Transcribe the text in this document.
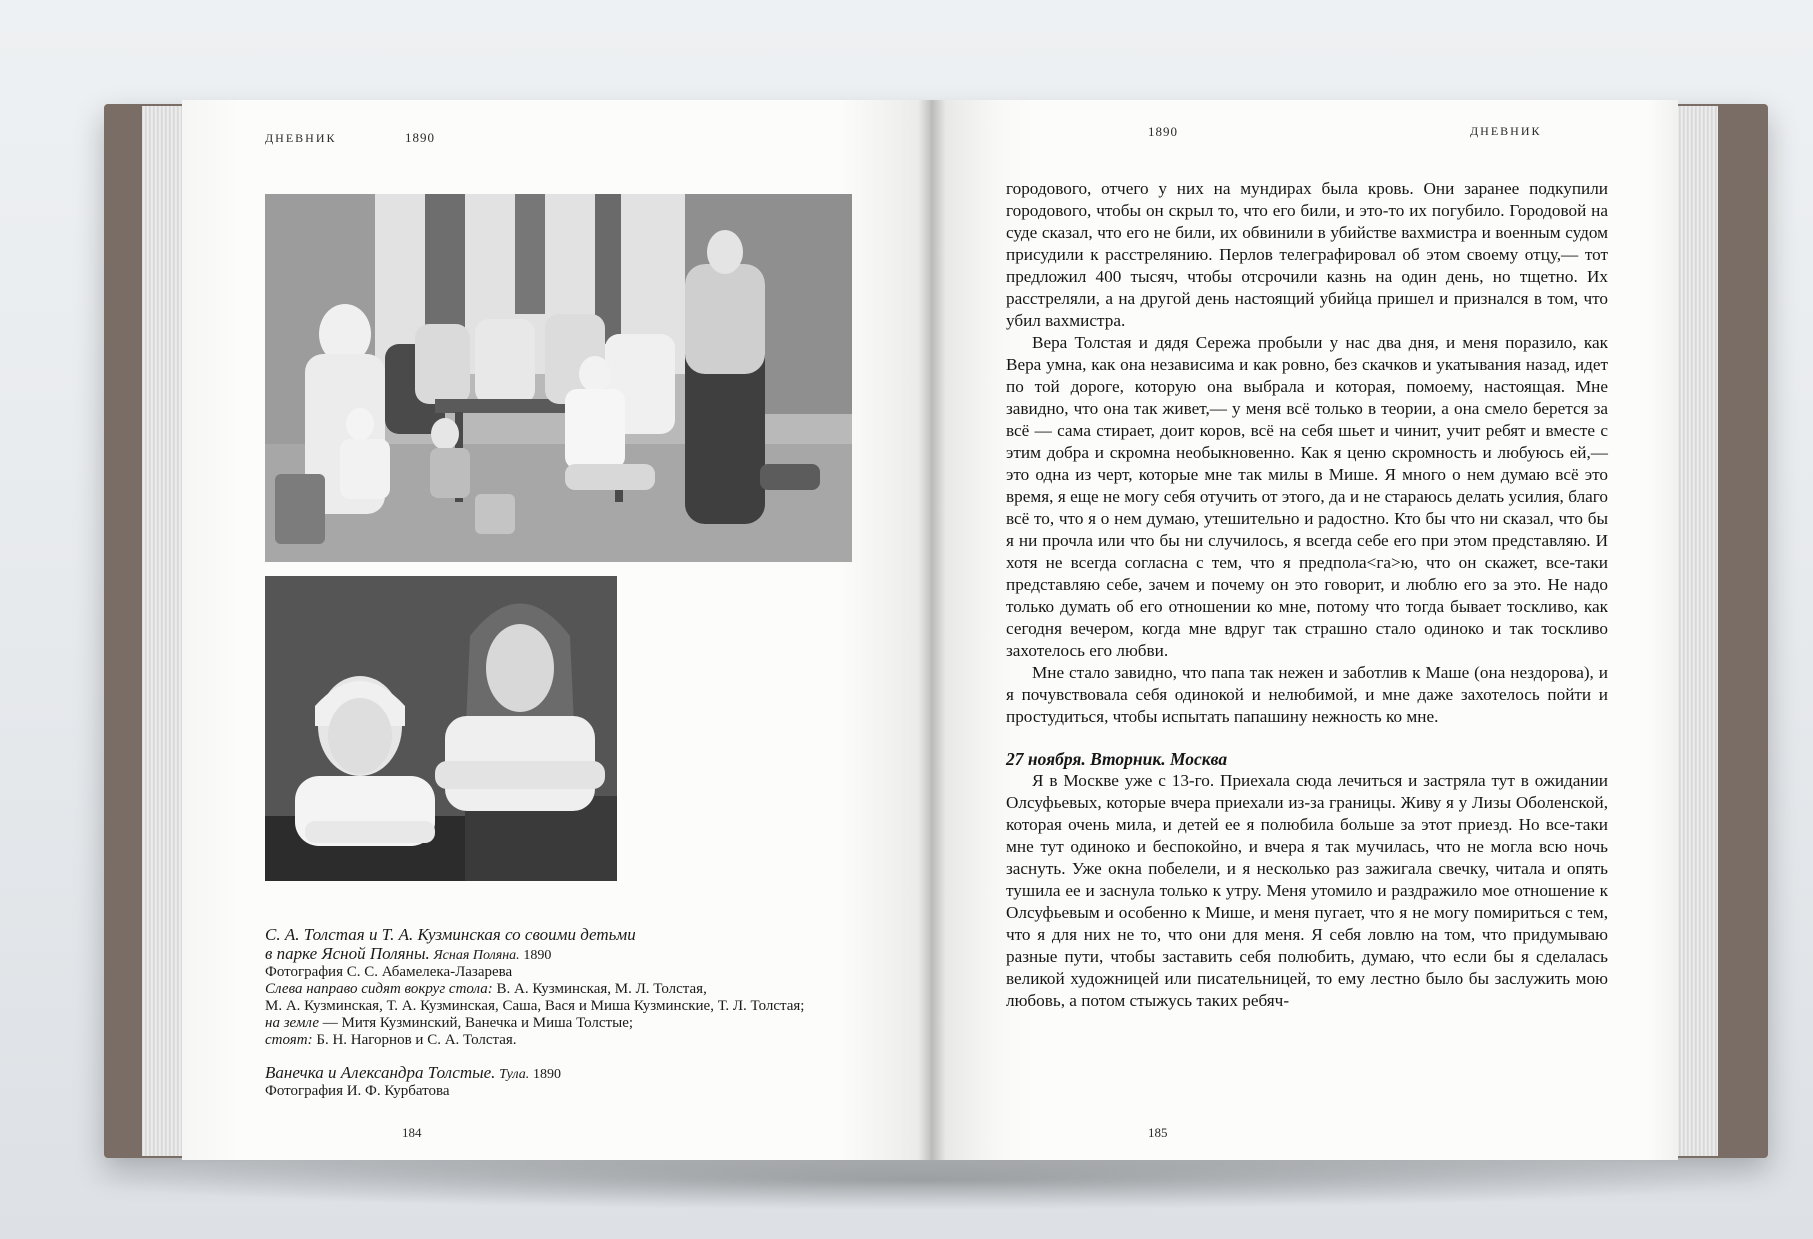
ДНЕВНИК	1890
С. А. Толстая и Т. А. Кузминская со своими детьми
в парке Ясной Поляны. Ясная Поляна. 1890
Фотография С. С. Абамелека-Лазарева
Слева направо сидят вокруг стола: В. А. Кузминская, М. Л. Толстая,
М. А. Кузминская, Т. А. Кузминская, Саша, Вася и Миша Кузминские, Т. Л. Толстая;
на земле — Митя Кузминский, Ванечка и Миша Толстые;
стоят: Б. Н. Нагорнов и С. А. Толстая.
Ванечка и Александра Толстые. Тула. 1890
Фотография И. Ф. Курбатова
184
1890	ДНЕВНИК

городового, отчего у них на мундирах была кровь. Они заранее подкупили городового, чтобы он скрыл то, что его били, и это-то их погубило. Городовой на суде сказал, что его не били, их обвинили в убийстве вахмистра и военным судом присудили к расстрелянию. Перлов телеграфировал об этом своему отцу,— тот предложил 400 тысяч, чтобы отсрочили казнь на один день, но тщетно. Их расстреляли, а на другой день настоящий убийца пришел и признался в том, что убил вахмистра.

Вера Толстая и дядя Сережа пробыли у нас два дня, и меня поразило, как Вера умна, как она независима и как ровно, без скачков и укатывания назад, идет по той дороге, которую она выбрала и которая, помоему, настоящая. Мне завидно, что она так живет,— у меня всё только в теории, а она смело берется за всё — сама стирает, доит коров, всё на себя шьет и чинит, учит ребят и вместе с этим добра и скромна необыкновенно. Как я ценю скромность и любуюсь ей,— это одна из черт, которые мне так милы в Мише. Я много о нем думаю всё это время, я еще не могу себя отучить от этого, да и не стараюсь делать усилия, благо всё то, что я о нем думаю, утешительно и радостно. Кто бы что ни сказал, что бы я ни прочла или что бы ни случилось, я всегда себе его при этом представляю. И хотя не всегда согласна с тем, что я предпола<га>ю, что он скажет, все-таки представляю себе, зачем и почему он это говорит, и люблю его за это. Не надо только думать об его отношении ко мне, потому что тогда бывает тоскливо, как сегодня вечером, когда мне вдруг так страшно стало одиноко и так тоскливо захотелось его любви.

Мне стало завидно, что папа так нежен и заботлив к Маше (она нездорова), и я почувствовала себя одинокой и нелюбимой, и мне даже захотелось пойти и простудиться, чтобы испытать папашину нежность ко мне.

27 ноября. Вторник. Москва

Я в Москве уже с 13-го. Приехала сюда лечиться и застряла тут в ожидании Олсуфьевых, которые вчера приехали из-за границы. Живу я у Лизы Оболенской, которая очень мила, и детей ее я полюбила больше за этот приезд. Но все-таки мне тут одиноко и беспокойно, и вчера я так мучилась, что не могла всю ночь заснуть. Уже окна побелели, и я несколько раз зажигала свечку, читала и опять тушила ее и заснула только к утру. Меня утомило и раздражило мое отношение к Олсуфьевым и особенно к Мише, и меня пугает, что я не могу помириться с тем, что я для них не то, что они для меня. Я себя ловлю на том, что придумываю разные пути, чтобы заставить себя полюбить, думаю, что если бы я сделалась великой художницей или писательницей, то ему лестно было бы заслужить мою любовь, а потом стыжусь таких ребяч-

185
